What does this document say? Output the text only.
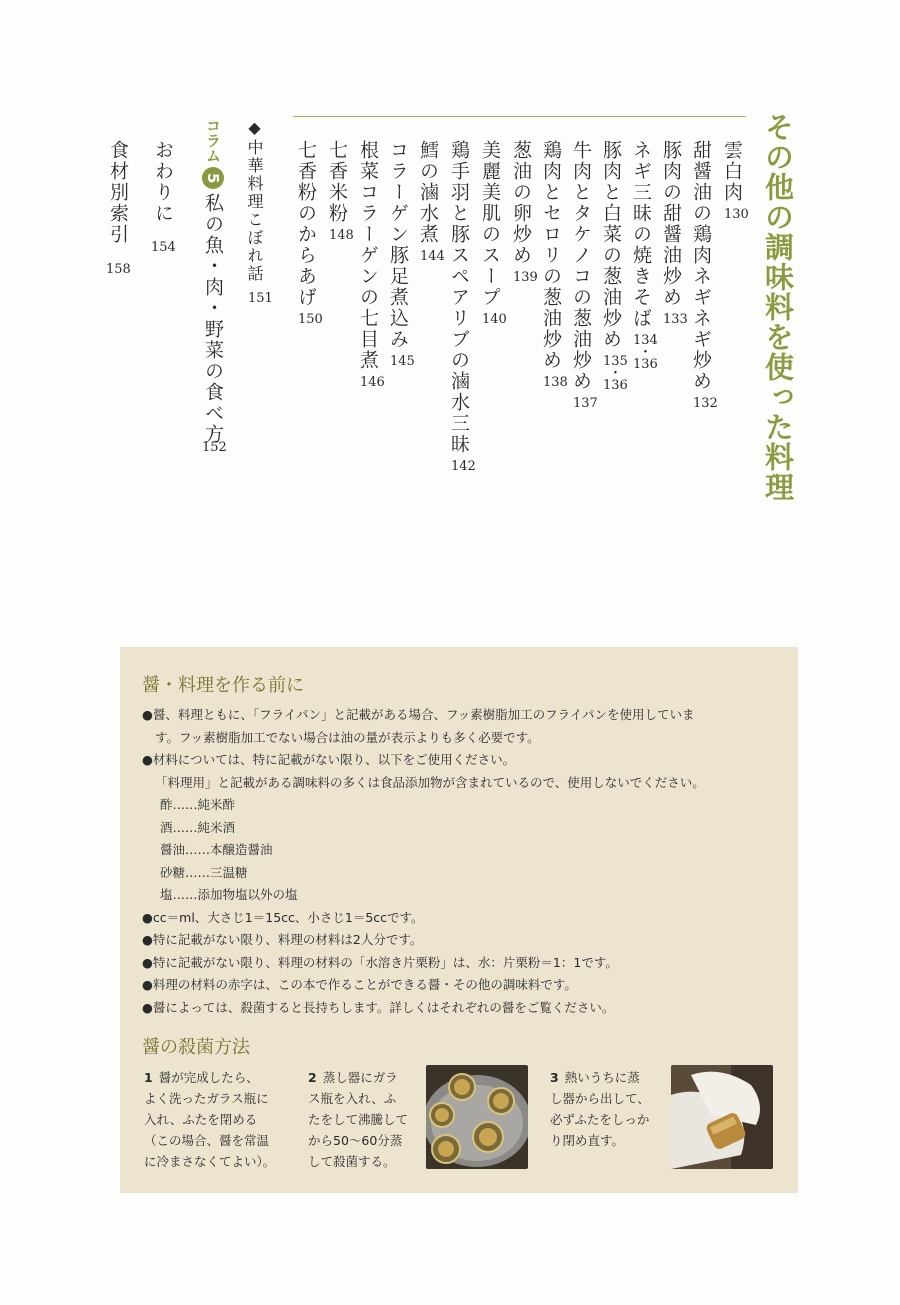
その他の調味料を使った料理
雲白肉
甜醤油の鶏肉ネギネギ炒め
豚肉の甜醤油炒め
ネギ三昧の焼きそば
豚肉と白菜の葱油炒め
牛肉とタケノコの葱油炒め
鶏肉とセロリの葱油炒め
葱油の卵炒め
美麗美肌のスープ
鶏手羽と豚スペアリブの滷水三昧
鱈の滷水煮
コラーゲン豚足煮込み
根菜コラーゲンの七目煮
七香米粉
七香粉のからあげ
◆中華料理こぼれ話
コラム5私の魚・肉・野菜の食べ方
152
おわりに
154
食材別索引
158
醤・料理を作る前に
●醤、料理ともに、「フライパン」と記載がある場合、フッ素樹脂加工のフライパンを使用していま
す。フッ素樹脂加工でない場合は油の量が表示よりも多く必要です。
●材料については、特に記載がない限り、以下をご使用ください。
「料理用」と記載がある調味料の多くは食品添加物が含まれているので、使用しないでください。
酢……純米酢
酒……純米酒
醤油……本醸造醤油
砂糖……三温糖
塩……添加物塩以外の塩
●cc＝ml、大さじ1＝15cc、小さじ1＝5ccです。
●特に記載がない限り、料理の材料は2人分です。
●特に記載がない限り、料理の材料の「水溶き片栗粉」は、水：片栗粉＝1：1です。
●料理の材料の赤字は、この本で作ることができる醤・その他の調味料です。
●醤によっては、殺菌すると長持ちします。詳しくはそれぞれの醤をご覧ください。
醤の殺菌方法
1 醤が完成したら、
よく洗ったガラス瓶に
入れ、ふたを閉める
（この場合、醤を常温
に冷まさなくてよい）。
2 蒸し器にガラ
ス瓶を入れ、ふ
たをして沸騰して
から50～60分蒸
して殺菌する。
3 熱いうちに蒸
し器から出して、
必ずふたをしっか
り閉め直す。
130
132
133
134
・
136
135
・
136
137
138
139
140
142
144
145
146
148
150
151
